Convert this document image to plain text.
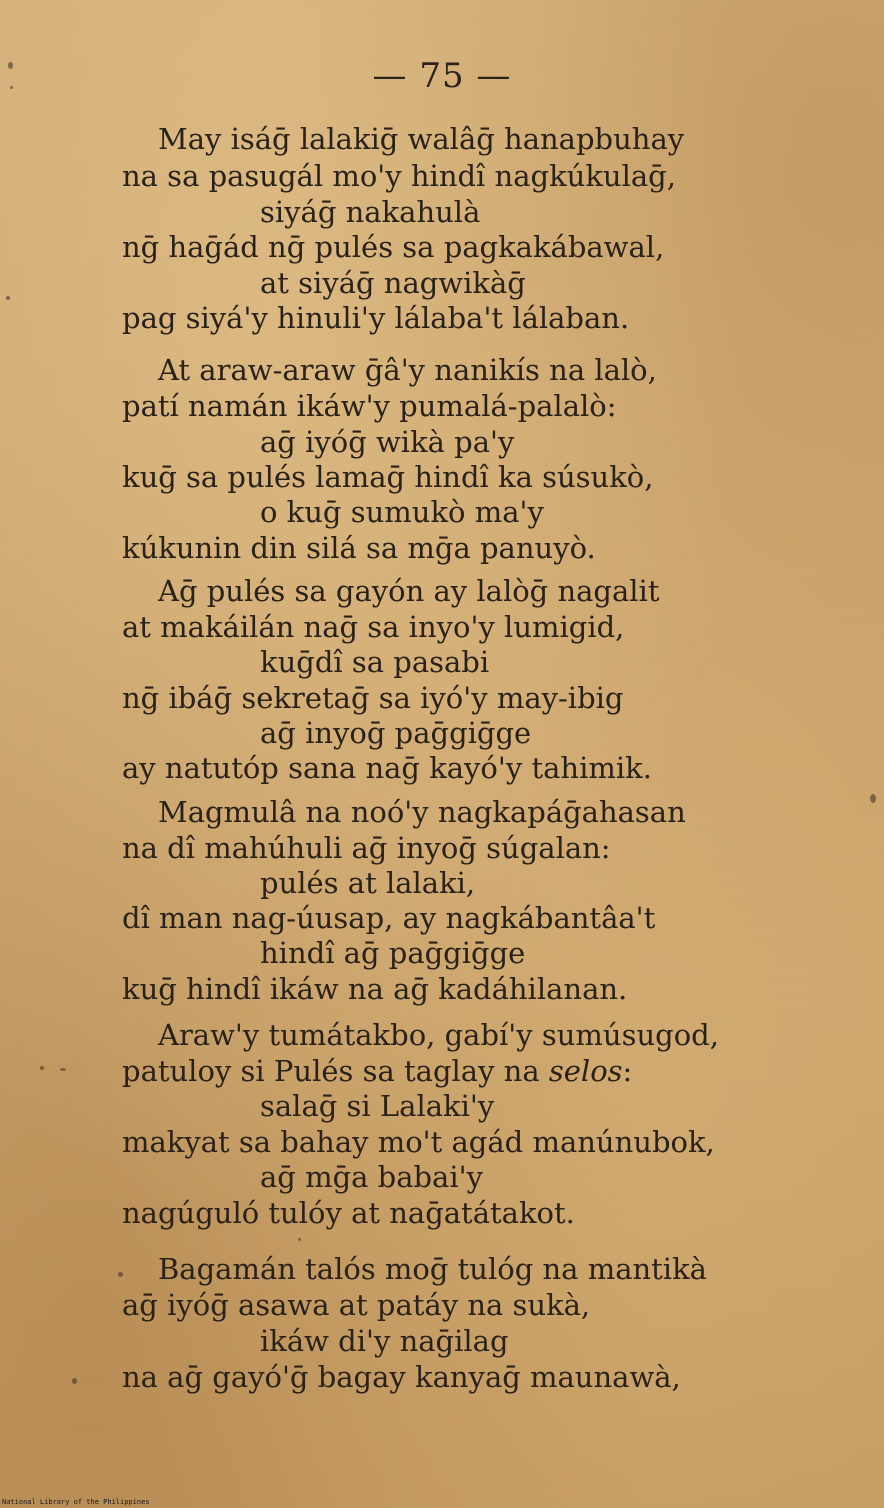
— 75 —
May isáḡ lalakiḡ walâḡ hanapbuhay
na sa pasugál mo'y hindî nagkúkulaḡ,
siyáḡ nakahulà
nḡ haḡád nḡ pulés sa pagkakábawal,
at siyáḡ nagwikàḡ
pag siyá'y hinuli'y lálaba't lálaban.
At araw-araw ḡâ'y nanikís na lalò,
patí namán ikáw'y pumalá-palalò:
aḡ iyóḡ wikà pa'y
kuḡ sa pulés lamaḡ hindî ka súsukò,
o kuḡ sumukò ma'y
kúkunin din silá sa mḡa panuyò.
Aḡ pulés sa gayón ay lalòḡ nagalit
at makáilán naḡ sa inyo'y lumigid,
kuḡdî sa pasabi
nḡ ibáḡ sekretaḡ sa iyó'y may-ibig
aḡ inyoḡ paḡgiḡge
ay natutóp sana naḡ kayó'y tahimik.
Magmulâ na noó'y nagkapáḡahasan
na dî mahúhuli aḡ inyoḡ súgalan:
pulés at lalaki,
dî man nag-úusap, ay nagkábantâa't
hindî aḡ paḡgiḡge
kuḡ hindî ikáw na aḡ kadáhilanan.
Araw'y tumátakbo, gabí'y sumúsugod,
patuloy si Pulés sa taglay na selos:
salaḡ si Lalaki'y
makyat sa bahay mo't agád manúnubok,
aḡ mḡa babai'y
nagúguló tulóy at naḡatátakot.
Bagamán talós moḡ tulóg na mantikà
aḡ iyóḡ asawa at patáy na sukà,
ikáw di'y naḡilag
na aḡ gayó'ḡ bagay kanyaḡ maunawà,
National Library of the Philippines
